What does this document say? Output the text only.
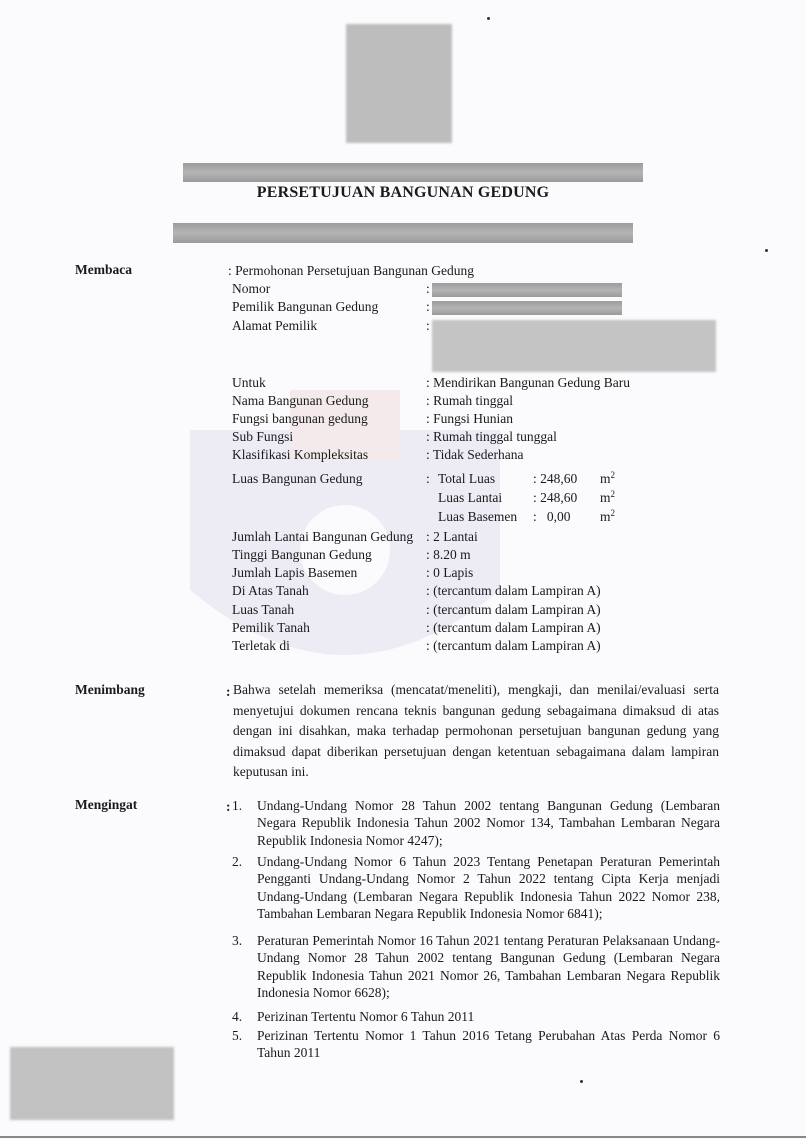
PERSETUJUAN BANGUNAN GEDUNG
Membaca	: Permohonan Persetujuan Bangunan Gedung
Nomor	:
Pemilik Bangunan Gedung	:
Alamat Pemilik	:
Untuk	: Mendirikan Bangunan Gedung Baru
Nama Bangunan Gedung	: Rumah tinggal
Fungsi bangunan gedung	: Fungsi Hunian
Sub Fungsi	: Rumah tinggal tunggal
Klasifikasi Kompleksitas	: Tidak Sederhana
Luas Bangunan Gedung	: Total Luas	: 248,60 $m^2$
Luas Lantai : 248,60 $m^2$
Luas Basemen :   0,00 $m^2$
Jumlah Lantai Bangunan Gedung : 2 Lantai
Tinggi Bangunan Gedung	: 8.20 m
Jumlah Lapis Basemen	: 0 Lapis
Di Atas Tanah	: (tercantum dalam Lampiran A)
Luas Tanah	: (tercantum dalam Lampiran A)
Pemilik Tanah	: (tercantum dalam Lampiran A)
Terletak di	: (tercantum dalam Lampiran A)
Menimbang	: Bahwa setelah memeriksa (mencatat/meneliti), mengkaji, dan menilai/evaluasi serta menyetujui dokumen rencana teknis bangunan gedung sebagaimana dimaksud di atas dengan ini disahkan, maka terhadap permohonan persetujuan bangunan gedung yang dimaksud dapat diberikan persetujuan dengan ketentuan sebagaimana dalam lampiran keputusan ini.
Mengingat	: 1.	Undang-Undang Nomor 28 Tahun 2002 tentang Bangunan Gedung (Lembaran Negara Republik Indonesia Tahun 2002 Nomor 134, Tambahan Lembaran Negara Republik Indonesia Nomor 4247);
2.	Undang-Undang Nomor 6 Tahun 2023 Tentang Penetapan Peraturan Pemerintah Pengganti Undang-Undang Nomor 2 Tahun 2022 tentang Cipta Kerja menjadi Undang-Undang (Lembaran Negara Republik Indonesia Tahun 2022 Nomor 238, Tambahan Lembaran Negara Republik Indonesia Nomor 6841);
3.	Peraturan Pemerintah Nomor 16 Tahun 2021 tentang Peraturan Pelaksanaan Undang-Undang Nomor 28 Tahun 2002 tentang Bangunan Gedung (Lembaran Negara Republik Indonesia Tahun 2021 Nomor 26, Tambahan Lembaran Negara Republik Indonesia Nomor 6628);
4.	Perizinan Tertentu Nomor 6 Tahun 2011
5.	Perizinan Tertentu Nomor 1 Tahun 2016 Tetang Perubahan Atas Perda Nomor 6 Tahun 2011
